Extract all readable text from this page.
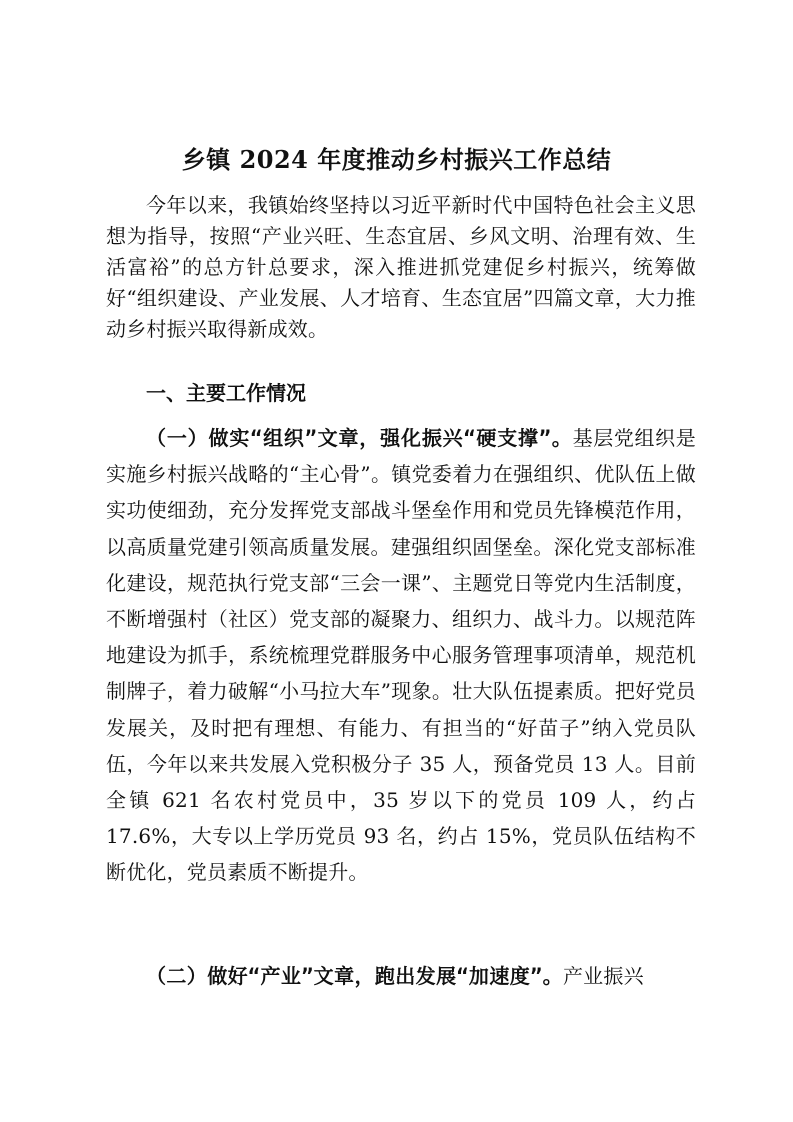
乡镇 2024 年度推动乡村振兴工作总结

今年以来，我镇始终坚持以习近平新时代中国特色社会主义思想为指导，按照“产业兴旺、生态宜居、乡风文明、治理有效、生活富裕”的总方针总要求，深入推进抓党建促乡村振兴，统筹做好“组织建设、产业发展、人才培育、生态宜居”四篇文章，大力推动乡村振兴取得新成效。

一、主要工作情况

（一）做实“组织”文章，强化振兴“硬支撑”。基层党组织是实施乡村振兴战略的“主心骨”。镇党委着力在强组织、优队伍上做实功使细劲，充分发挥党支部战斗堡垒作用和党员先锋模范作用，以高质量党建引领高质量发展。建强组织固堡垒。深化党支部标准化建设，规范执行党支部“三会一课”、主题党日等党内生活制度，不断增强村（社区）党支部的凝聚力、组织力、战斗力。以规范阵地建设为抓手，系统梳理党群服务中心服务管理事项清单，规范机制牌子，着力破解“小马拉大车”现象。壮大队伍提素质。把好党员发展关，及时把有理想、有能力、有担当的“好苗子”纳入党员队伍，今年以来共发展入党积极分子 35 人，预备党员 13 人。目前全镇 621 名农村党员中，35 岁以下的党员 109 人，约占 17.6%，大专以上学历党员 93 名，约占 15%，党员队伍结构不断优化，党员素质不断提升。

（二）做好“产业”文章，跑出发展“加速度”。产业振兴
